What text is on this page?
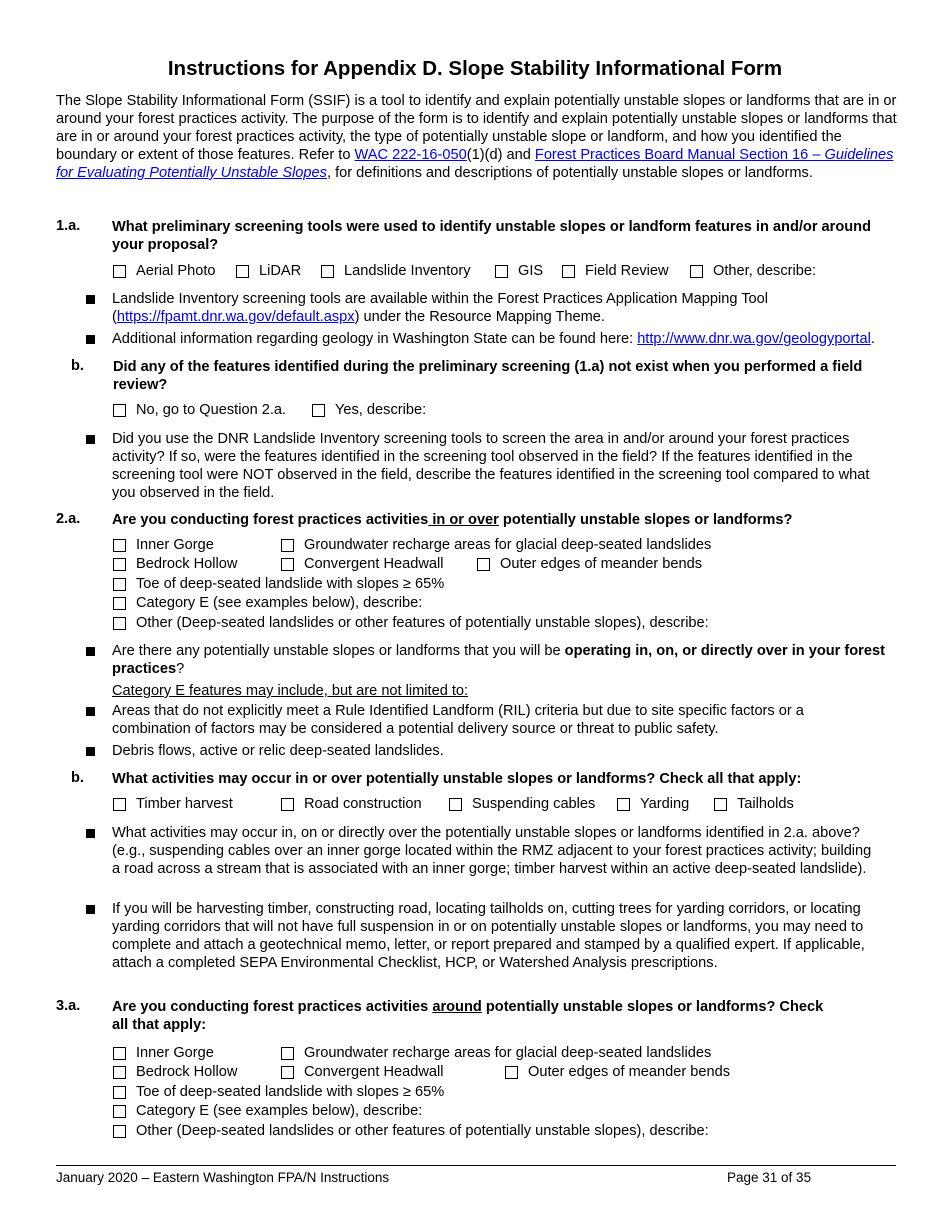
Instructions for Appendix D. Slope Stability Informational Form
The Slope Stability Informational Form (SSIF) is a tool to identify and explain potentially unstable slopes or landforms that are in or around your forest practices activity. The purpose of the form is to identify and explain potentially unstable slopes or landforms that are in or around your forest practices activity, the type of potentially unstable slope or landform, and how you identified the boundary or extent of those features. Refer to WAC 222-16-050(1)(d) and Forest Practices Board Manual Section 16 – Guidelines for Evaluating Potentially Unstable Slopes, for definitions and descriptions of potentially unstable slopes or landforms.
1.a. What preliminary screening tools were used to identify unstable slopes or landform features in and/or around your proposal?
Aerial Photo	LiDAR	Landslide Inventory	GIS	Field Review	Other, describe:
Landslide Inventory screening tools are available within the Forest Practices Application Mapping Tool (https://fpamt.dnr.wa.gov/default.aspx) under the Resource Mapping Theme.
Additional information regarding geology in Washington State can be found here: http://www.dnr.wa.gov/geologyportal.
b. Did any of the features identified during the preliminary screening (1.a) not exist when you performed a field review?
No, go to Question 2.a.	Yes, describe:
Did you use the DNR Landslide Inventory screening tools to screen the area in and/or around your forest practices activity? If so, were the features identified in the screening tool observed in the field? If the features identified in the screening tool were NOT observed in the field, describe the features identified in the screening tool compared to what you observed in the field.
2.a. Are you conducting forest practices activities in or over potentially unstable slopes or landforms?
Inner Gorge	Groundwater recharge areas for glacial deep-seated landslides
Bedrock Hollow	Convergent Headwall	Outer edges of meander bends
Toe of deep-seated landslide with slopes ≥ 65%
Category E (see examples below), describe:
Other (Deep-seated landslides or other features of potentially unstable slopes), describe:
Are there any potentially unstable slopes or landforms that you will be operating in, on, or directly over in your forest practices?
Category E features may include, but are not limited to:
Areas that do not explicitly meet a Rule Identified Landform (RIL) criteria but due to site specific factors or a combination of factors may be considered a potential delivery source or threat to public safety.
Debris flows, active or relic deep-seated landslides.
b. What activities may occur in or over potentially unstable slopes or landforms? Check all that apply:
Timber harvest	Road construction	Suspending cables	Yarding	Tailholds
What activities may occur in, on or directly over the potentially unstable slopes or landforms identified in 2.a. above? (e.g., suspending cables over an inner gorge located within the RMZ adjacent to your forest practices activity; building a road across a stream that is associated with an inner gorge; timber harvest within an active deep-seated landslide).
If you will be harvesting timber, constructing road, locating tailholds on, cutting trees for yarding corridors, or locating yarding corridors that will not have full suspension in or on potentially unstable slopes or landforms, you may need to complete and attach a geotechnical memo, letter, or report prepared and stamped by a qualified expert. If applicable, attach a completed SEPA Environmental Checklist, HCP, or Watershed Analysis prescriptions.
3.a. Are you conducting forest practices activities around potentially unstable slopes or landforms? Check all that apply:
Inner Gorge	Groundwater recharge areas for glacial deep-seated landslides
Bedrock Hollow	Convergent Headwall	Outer edges of meander bends
Toe of deep-seated landslide with slopes ≥ 65%
Category E (see examples below), describe:
Other (Deep-seated landslides or other features of potentially unstable slopes), describe:
January 2020 – Eastern Washington FPA/N Instructions	Page 31 of 35
